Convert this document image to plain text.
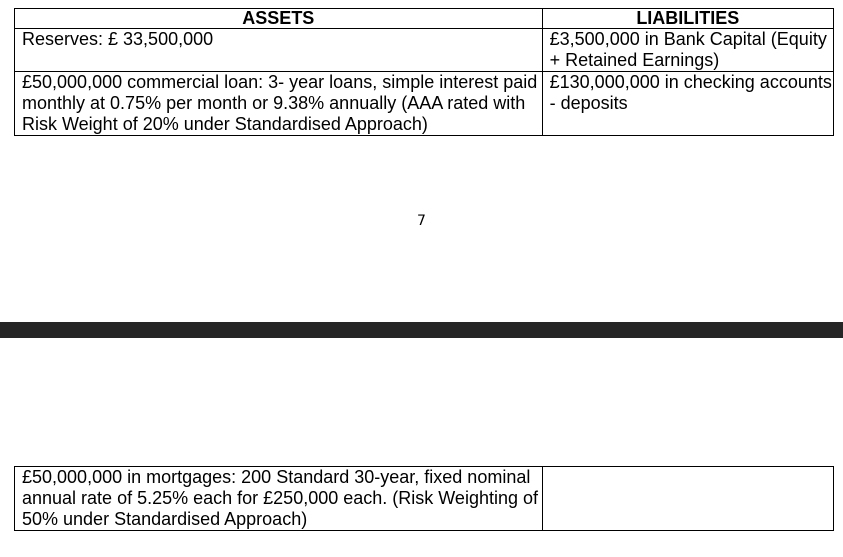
ASSETS	LIABILITIES
Reserves: £ 33,500,000	£3,500,000 in Bank Capital (Equity + Retained Earnings)
£50,000,000 commercial loan: 3- year loans, simple interest paid monthly at 0.75% per month or 9.38% annually (AAA rated with Risk Weight of 20% under Standardised Approach)	£130,000,000 in checking accounts - deposits
7
£50,000,000 in mortgages: 200 Standard 30-year, fixed nominal annual rate of 5.25% each for £250,000 each. (Risk Weighting of 50% under Standardised Approach)	
